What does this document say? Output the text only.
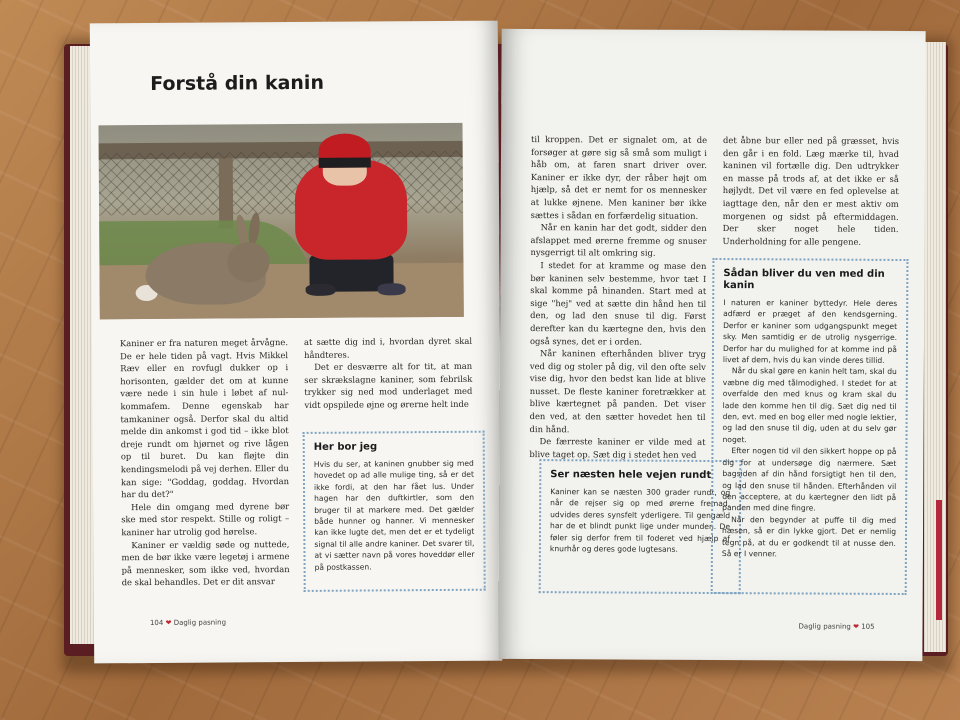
Forstå din kanin

Kaniner er fra naturen meget årvågne. De er hele tiden på vagt. Hvis Mikkel Ræv eller en rovfugl dukker op i horisonten, gælder det om at kunne være nede i sin hule i løbet af nul-kommafem. Denne egenskab har tamkaniner også. Derfor skal du altid melde din ankomst i god tid – ikke blot dreje rundt om hjørnet og rive lågen op til buret. Du kan fløjte din kendingsmelodi på vej derhen. Eller du kan sige: "Goddag, goddag. Hvordan har du det?"

Hele din omgang med dyrene bør ske med stor respekt. Stille og roligt – kaniner har utrolig god hørelse.

Kaniner er vældig søde og nuttede, men de bør ikke være legetøj i armene på mennesker, som ikke ved, hvordan de skal behandles. Det er dit ansvar

at sætte dig ind i, hvordan dyret skal håndteres.

Det er desværre alt for tit, at man ser skrækslagne kaniner, som febrilsk trykker sig ned mod underlaget med vidt opspilede øjne og ørerne helt inde

Her bor jeg

Hvis du ser, at kaninen gnubber sig med hovedet op ad alle mulige ting, så er det ikke fordi, at den har fået lus. Under hagen har den duftkirtler, som den bruger til at markere med. Det gælder både hunner og hanner. Vi mennesker kan ikke lugte det, men det er et tydeligt signal til alle andre kaniner. Det svarer til, at vi sætter navn på vores hoveddør eller på postkassen.

104 ❤ Daglig pasning

til kroppen. Det er signalet om, at de forsøger at gøre sig så små som muligt i håb om, at faren snart driver over. Kaniner er ikke dyr, der råber højt om hjælp, så det er nemt for os mennesker at lukke øjnene. Men kaniner bør ikke sættes i sådan en forfærdelig situation.

Når en kanin har det godt, sidder den afslappet med ørerne fremme og snuser nysgerrigt til alt omkring sig.

I stedet for at kramme og mase den bør kaninen selv bestemme, hvor tæt I skal komme på hinanden. Start med at sige "hej" ved at sætte din hånd hen til den, og lad den snuse til dig. Først derefter kan du kærtegne den, hvis den også synes, det er i orden.

Når kaninen efterhånden bliver tryg ved dig og stoler på dig, vil den ofte selv vise dig, hvor den bedst kan lide at blive nusset. De fleste kaniner foretrækker at blive kærtegnet på panden. Det viser den ved, at den sætter hovedet hen til din hånd.

De færreste kaniner er vilde med at blive taget op. Sæt dig i stedet hen ved

det åbne bur eller ned på græsset, hvis den går i en fold. Læg mærke til, hvad kaninen vil fortælle dig. Den udtrykker en masse på trods af, at det ikke er så højlydt. Det vil være en fed oplevelse at iagttage den, når den er mest aktiv om morgenen og sidst på eftermiddagen. Der sker noget hele tiden. Underholdning for alle pengene.

Ser næsten hele vejen rundt

Kaniner kan se næsten 300 grader rundt, og når de rejser sig op med ørerne fremad, udvides deres synsfelt yderligere. Til gengæld har de et blindt punkt lige under munden. De føler sig derfor frem til foderet ved hjælp af knurhår og deres gode lugtesans.

Sådan bliver du ven med din kanin

I naturen er kaniner byttedyr. Hele deres adfærd er præget af den kendsgerning. Derfor er kaniner som udgangspunkt meget sky. Men samtidig er de utrolig nysgerrige. Derfor har du mulighed for at komme ind på livet af dem, hvis du kan vinde deres tillid.

Når du skal gøre en kanin helt tam, skal du væbne dig med tålmodighed. I stedet for at overfalde den med knus og kram skal du lade den komme hen til dig. Sæt dig ned til den, evt. med en bog eller med nogle lektier, og lad den snuse til dig, uden at du selv gør noget.

Efter nogen tid vil den sikkert hoppe op på dig for at undersøge dig nærmere. Sæt bagsiden af din hånd forsigtigt hen til den, og lad den snuse til hånden. Efterhånden vil den acceptere, at du kærtegner den lidt på panden med dine fingre.

Når den begynder at puffe til dig med næsen, så er din lykke gjort. Det er nemlig tegn på, at du er godkendt til at nusse den. Så er I venner.

Daglig pasning ❤ 105
